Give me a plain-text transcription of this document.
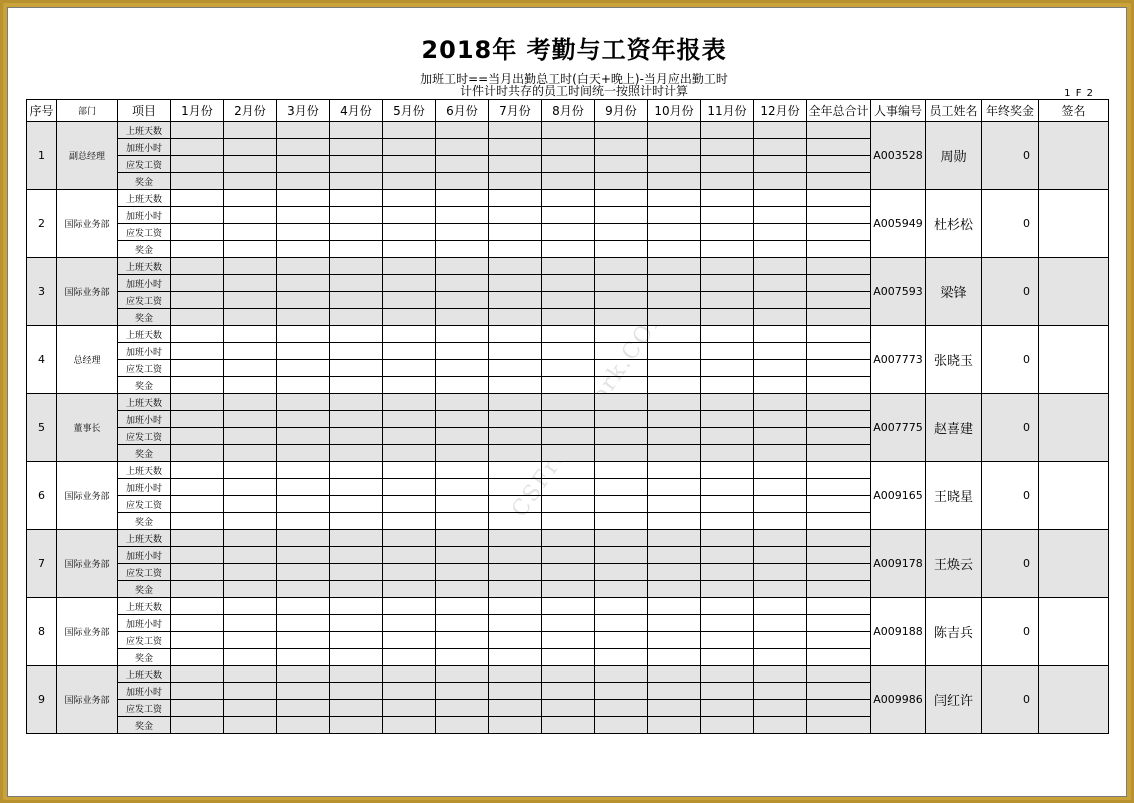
2018年 考勤与工资年报表
加班工时==当月出勤总工时(白天+晚上)-当月应出勤工时
计件计时共存的员工时间统一按照计时计算	1 F 2
序号	部门	项目	1月份	2月份	3月份	4月份	5月份	6月份	7月份	8月份	9月份	10月份	11月份	12月份	全年总合计	人事编号	员工姓名	年终奖金	签名
1	副总经理	上班天数														A003528	周勋	0	
		加班小时																	
		应发工资																	
		奖金																	
2	国际业务部	上班天数														A005949	杜杉松	0	
		加班小时																	
		应发工资																	
		奖金																	
3	国际业务部	上班天数														A007593	梁锋	0	
		加班小时																	
		应发工资																	
		奖金																	
4	总经理	上班天数														A007773	张晓玉	0	
		加班小时																	
		应发工资																	
		奖金																	
5	董事长	上班天数														A007775	赵喜建	0	
		加班小时																	
		应发工资																	
		奖金																	
6	国际业务部	上班天数														A009165	王晓星	0	
		加班小时																	
		应发工资																	
		奖金																	
7	国际业务部	上班天数														A009178	王焕云	0	
		加班小时																	
		应发工资																	
		奖金																	
8	国际业务部	上班天数														A009188	陈吉兵	0	
		加班小时																	
		应发工资																	
		奖金																	
9	国际业务部	上班天数														A009986	闫红许	0	
		加班小时																	
		应发工资																	
		奖金																	
